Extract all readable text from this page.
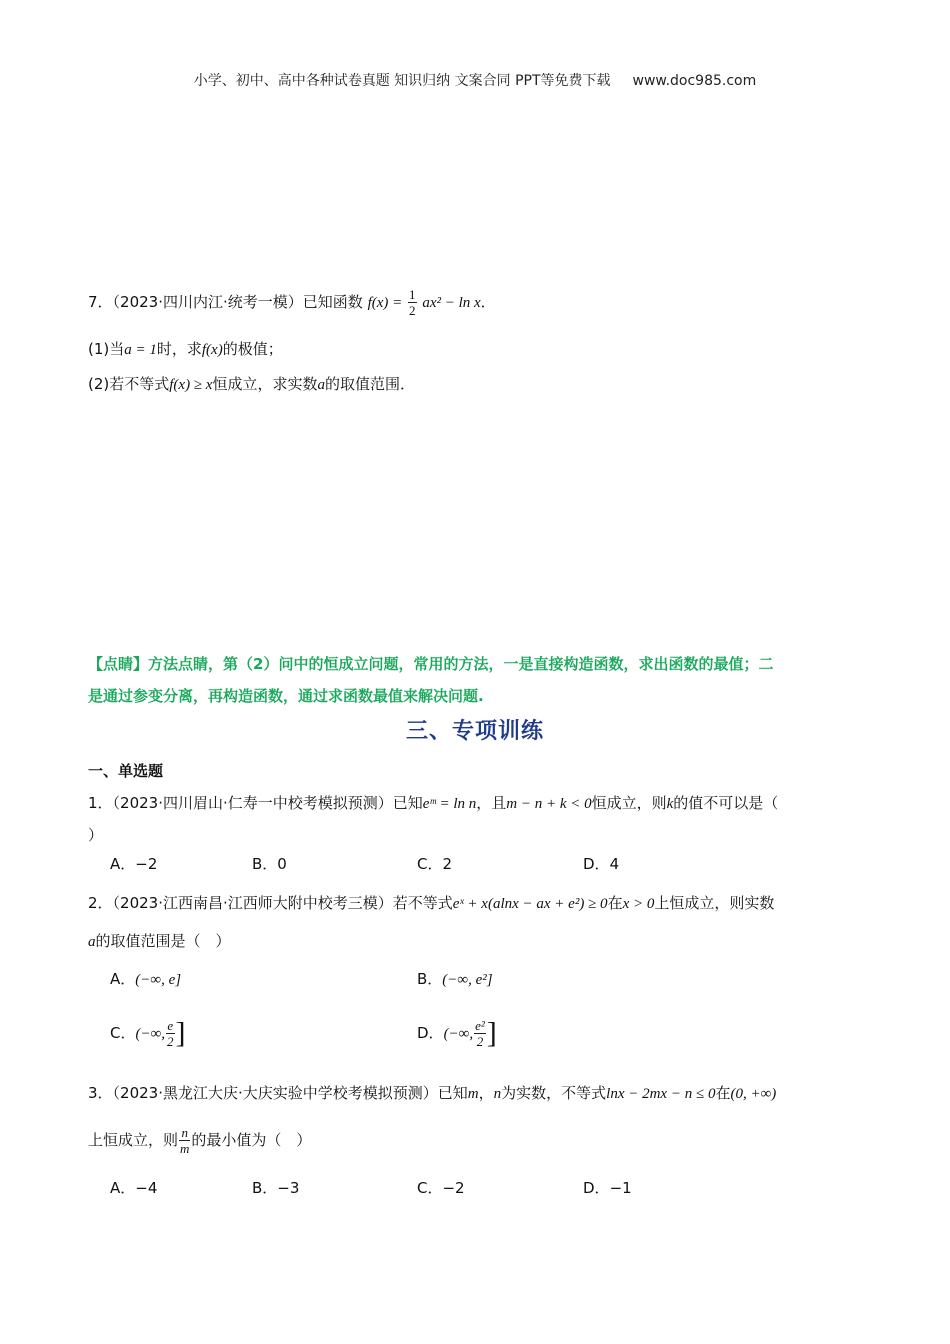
小学、初中、高中各种试卷真题 知识归纳 文案合同 PPT等免费下载 www.doc985.com
7．（2023·四川内江·统考一模）已知函数 $f(x) = \frac{1}{2} ax^2 - \ln x$．
(1)当a = 1时，求f(x)的极值；
(2)若不等式f(x) ≥ x恒成立，求实数a的取值范围．
【点睛】方法点睛，第（2）问中的恒成立问题，常用的方法，一是直接构造函数，求出函数的最值；二
是通过参变分离，再构造函数，通过求函数最值来解决问题.
三、专项训练
一、单选题
1．（2023·四川眉山·仁寿一中校考模拟预测）已知eᵐ = ln n，且m − n + k < 0恒成立，则k的值不可以是（
）
A．−2	B．0	C．2	D．4
2．（2023·江西南昌·江西师大附中校考三模）若不等式eˣ + x(alnx − ax + e²) ≥ 0在x > 0上恒成立，则实数
a的取值范围是（　）
A．(−∞, e]	B．(−∞, e²]
C．(−∞, $\frac{e}{2}$ ]	D．(−∞, $\frac{\text{e²}}{2}$ ]
3．（2023·黑龙江大庆·大庆实验中学校考模拟预测）已知m，n为实数，不等式lnx − 2mx − n ≤ 0在(0, +∞)
上恒成立，则 $\frac{n}{m}$ 的最小值为（　）
A．−4	B．−3	C．−2	D．−1
